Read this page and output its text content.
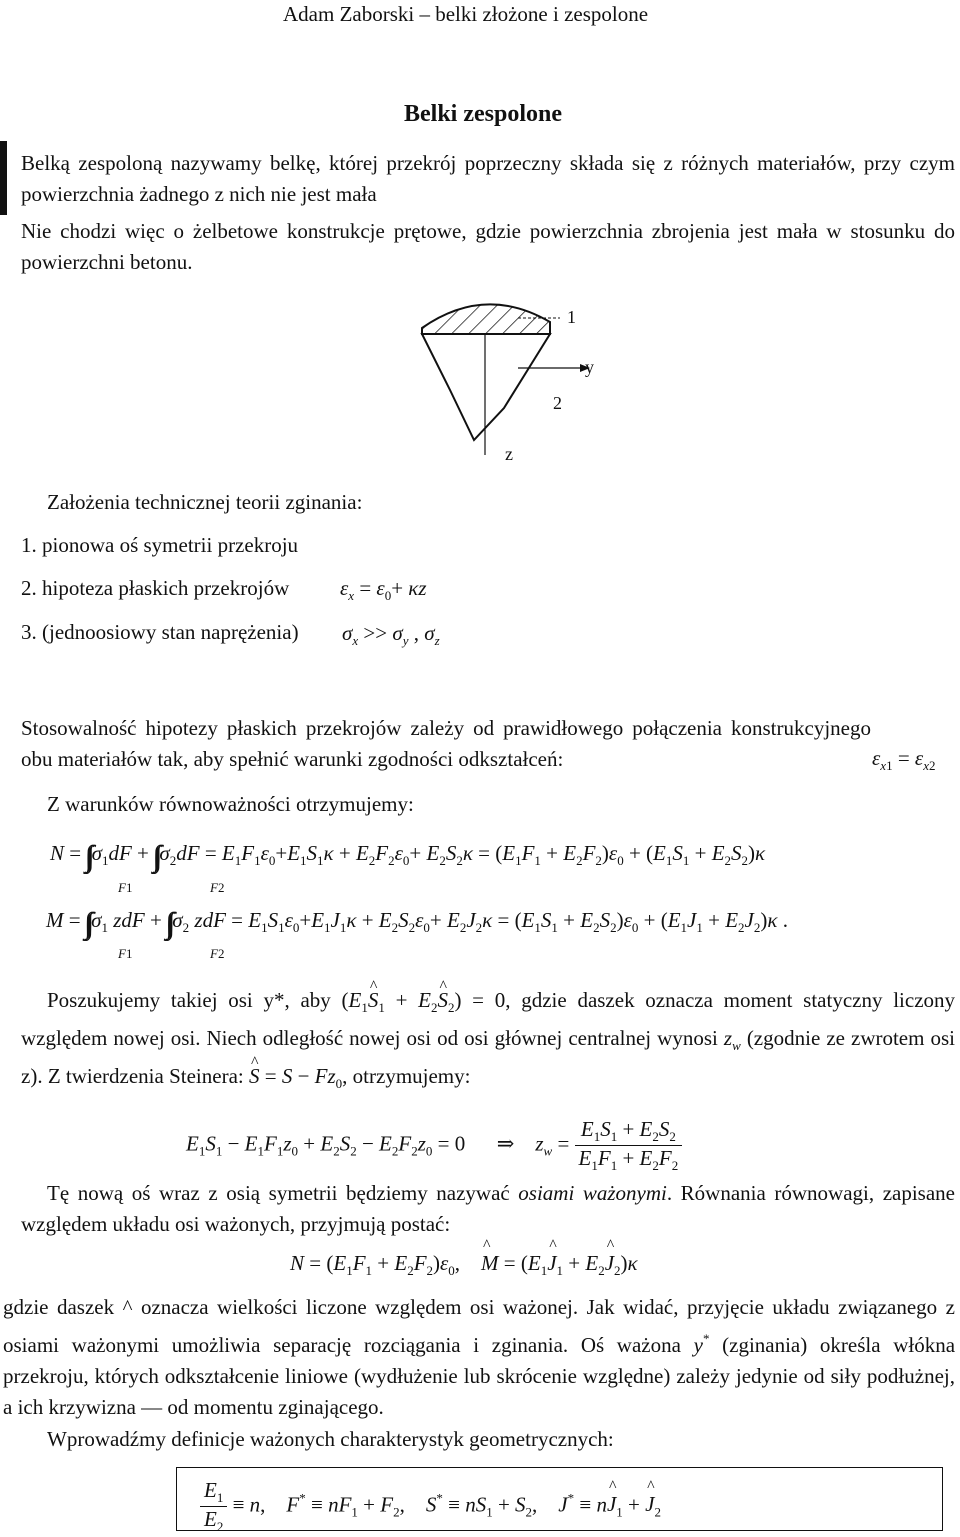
Adam Zaborski – belki złożone i zespolone
Belki zespolone
Belką zespoloną nazywamy belkę, której przekrój poprzeczny składa się z różnych materiałów, przy czym powierzchnia żadnego z nich nie jest mała
Nie chodzi więc o żelbetowe konstrukcje prętowe, gdzie powierzchnia zbrojenia jest mała w stosunku do powierzchni betonu.
1
y
2
z
Założenia technicznej teorii zginania:
1. pionowa oś symetrii przekroju
2. hipoteza płaskich przekrojów $\varepsilon_x = \varepsilon_0+ \kappa z$
3. (jednoosiowy stan naprężenia) $\sigma_x >> \sigma_y$ , $\sigma_z$
Stosowalność hipotezy płaskich przekrojów zależy od prawidłowego połączenia konstrukcyjnego obu materiałów tak, aby spełnić warunki zgodności odkształceń:	$\varepsilon_{x1} = \varepsilon_{x2}$
Z warunków równoważności otrzymujemy:
$N = \sigma_1dF + \sigma_2dF = E_1F_1\varepsilon_0+E_1S_1\kappa + E_2F_2\varepsilon_0+ E_2S_2\kappa = (E_1F_1 + E_2F_2)\varepsilon_0 + (E_1S_1 + E_2S_2)\kappa$
F1	F2
$M = \sigma_1$ zdF +  $\sigma_2$ zdF = $E_1S_1\varepsilon_0+E_1J_1\kappa + E_2S_2\varepsilon_0+ E_2J_2\kappa = (E_1S_1 + E_2S_2)\varepsilon_0 + (E_1J_1 + E_2J_2)\kappa$ .
F1	F2
Poszukujemy takiej osi y*, aby ($E_1\^{}$ $S_1$ + $E_2\^{}$ $S_2) = 0$, gdzie daszek oznacza moment statyczny liczony względem nowej osi. Niech odległość nowej osi od osi głównej centralnej wynosi $z_w$ (zgodnie ze zwrotem osi z). Z twierdzenia Steinera: ^ $S = S - Fz_0$, otrzymujemy:
$E_1S_1 - E_1F_1z_0 + E_2S_2 - E_2F_2z_0 = 0$      ⇒    $z_w = \frac{E_1S_1 + E_2S_2}{E_1F_1 + E_2F_2}$
Tę nową oś wraz z osią symetrii będziemy nazywać osiami ważonymi. Równania równowagi, zapisane względem układu osi ważonych, przyjmują postać:
$N = (E_1F_1 + E_2F_2)\varepsilon_0$,    ^ $M = (E_1\^{}$ $J_1$ + $E_2\^{}$ $J_2)\kappa$
gdzie daszek ^ oznacza wielkości liczone względem osi ważonej. Jak widać, przyjęcie układu związanego z osiami ważonymi umożliwia separację rozciągania i zginania. Oś ważona y* (zginania) określa włókna przekroju, których odkształcenie liniowe (wydłużenie lub skrócenie względne) zależy jedynie od siły podłużnej, a ich krzywizna — od momentu zginającego.
Wprowadźmy definicje ważonych charakterystyk geometrycznych:
$\frac{E_1}{E_2} \equiv n$,    $F^* \equiv nF_1 + F_2$,    $S^* \equiv nS_1 + S_2$,    J* ≡ n^ $J_1$ + ^ $J_2$
